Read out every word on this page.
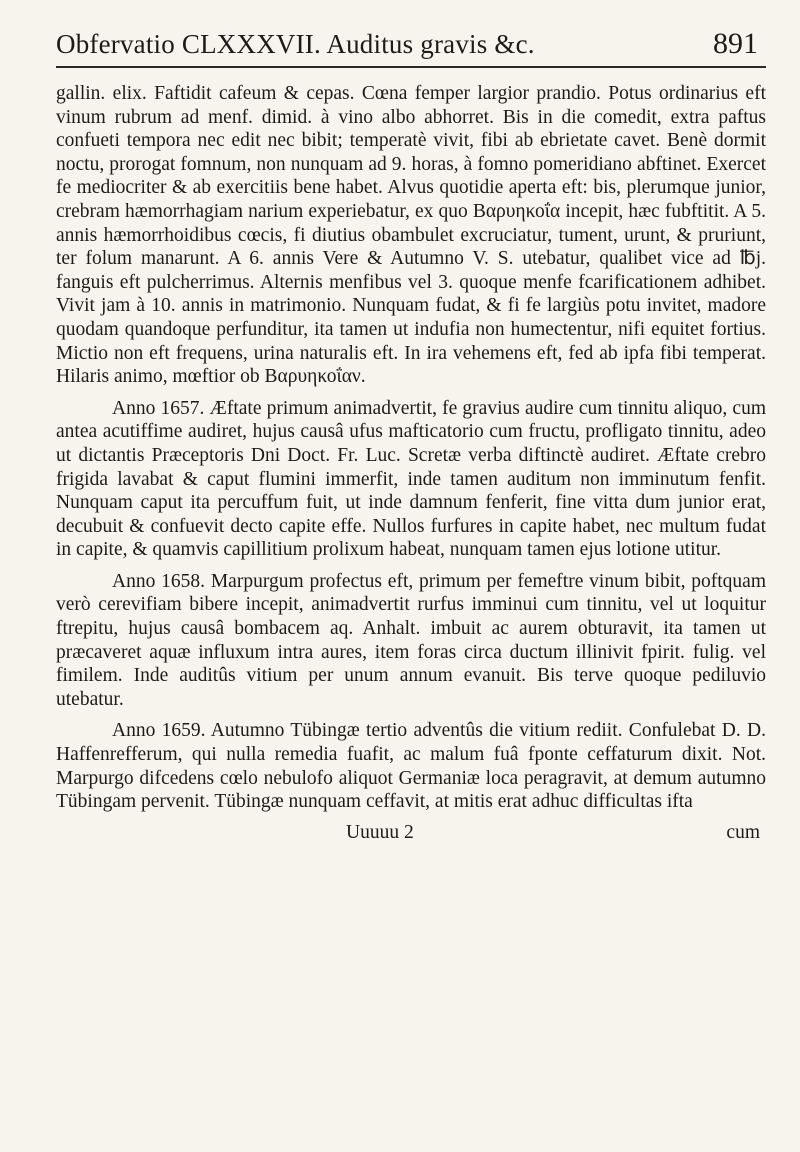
Obfervatio CLXXXVII. Auditus gravis &c.	891

gallin. elix. Faftidit cafeum & cepas. Cœna femper largior prandio. Potus ordinarius eft vinum rubrum ad menf. dimid. à vino albo abhorret. Bis in die comedit, extra paftus confueti tempora nec edit nec bibit; temperatè vivit, fibi ab ebrietate cavet. Benè dormit noctu, prorogat fomnum, non nunquam ad 9. horas, à fomno pomeridiano abftinet. Exercet fe mediocriter & ab exercitiis bene habet. Alvus quotidie aperta eft: bis, plerumque junior, crebram hæmorrhagiam narium experiebatur, ex quo Βαρυηκοΐα incepit, hæc fubftitit. A 5. annis hæmorrhoidibus cœcis, fi diutius obambulet excruciatur, tument, urunt, & pruriunt, ter folum manarunt. A 6. annis Vere & Autumno V. S. utebatur, qualibet vice ad ℔j. fanguis eft pulcherrimus. Alternis menfibus vel 3. quoque menfe fcarificationem adhibet. Vivit jam à 10. annis in matrimonio. Nunquam fudat, & fi fe largiùs potu invitet, madore quodam quandoque perfunditur, ita tamen ut indufia non humectentur, nifi equitet fortius. Mictio non eft frequens, urina naturalis eft. In ira vehemens eft, fed ab ipfa fibi temperat. Hilaris animo, mœftior ob Βαρυηκοΐαν.

Anno 1657. Æftate primum animadvertit, fe gravius audire cum tinnitu aliquo, cum antea acutiffime audiret, hujus causâ ufus mafticatorio cum fructu, profligato tinnitu, adeo ut dictantis Præceptoris Dni Doct. Fr. Luc. Scretæ verba diftinctè audiret. Æftate crebro frigida lavabat & caput flumini immerfit, inde tamen auditum non imminutum fenfit. Nunquam caput ita percuffum fuit, ut inde damnum fenferit, fine vitta dum junior erat, decubuit & confuevit decto capite effe. Nullos furfures in capite habet, nec multum fudat in capite, & quamvis capillitium prolixum habeat, nunquam tamen ejus lotione utitur.

Anno 1658. Marpurgum profectus eft, primum per femeftre vinum bibit, poftquam verò cerevifiam bibere incepit, animadvertit rurfus imminui cum tinnitu, vel ut loquitur ftrepitu, hujus causâ bombacem aq. Anhalt. imbuit ac aurem obturavit, ita tamen ut præcaveret aquæ influxum intra aures, item foras circa ductum illinivit fpirit. fulig. vel fimilem. Inde auditûs vitium per unum annum evanuit. Bis terve quoque pediluvio utebatur.

Anno 1659. Autumno Tübingæ tertio adventûs die vitium rediit. Confulebat D. D. Haffenrefferum, qui nulla remedia fuafit, ac malum fuâ fponte ceffaturum dixit. Not. Marpurgo difcedens cœlo nebulofo aliquot Germaniæ loca peragravit, at demum autumno Tübingam pervenit. Tübingæ nunquam ceffavit, at mitis erat adhuc difficultas ifta

Uuuuu 2	cum
